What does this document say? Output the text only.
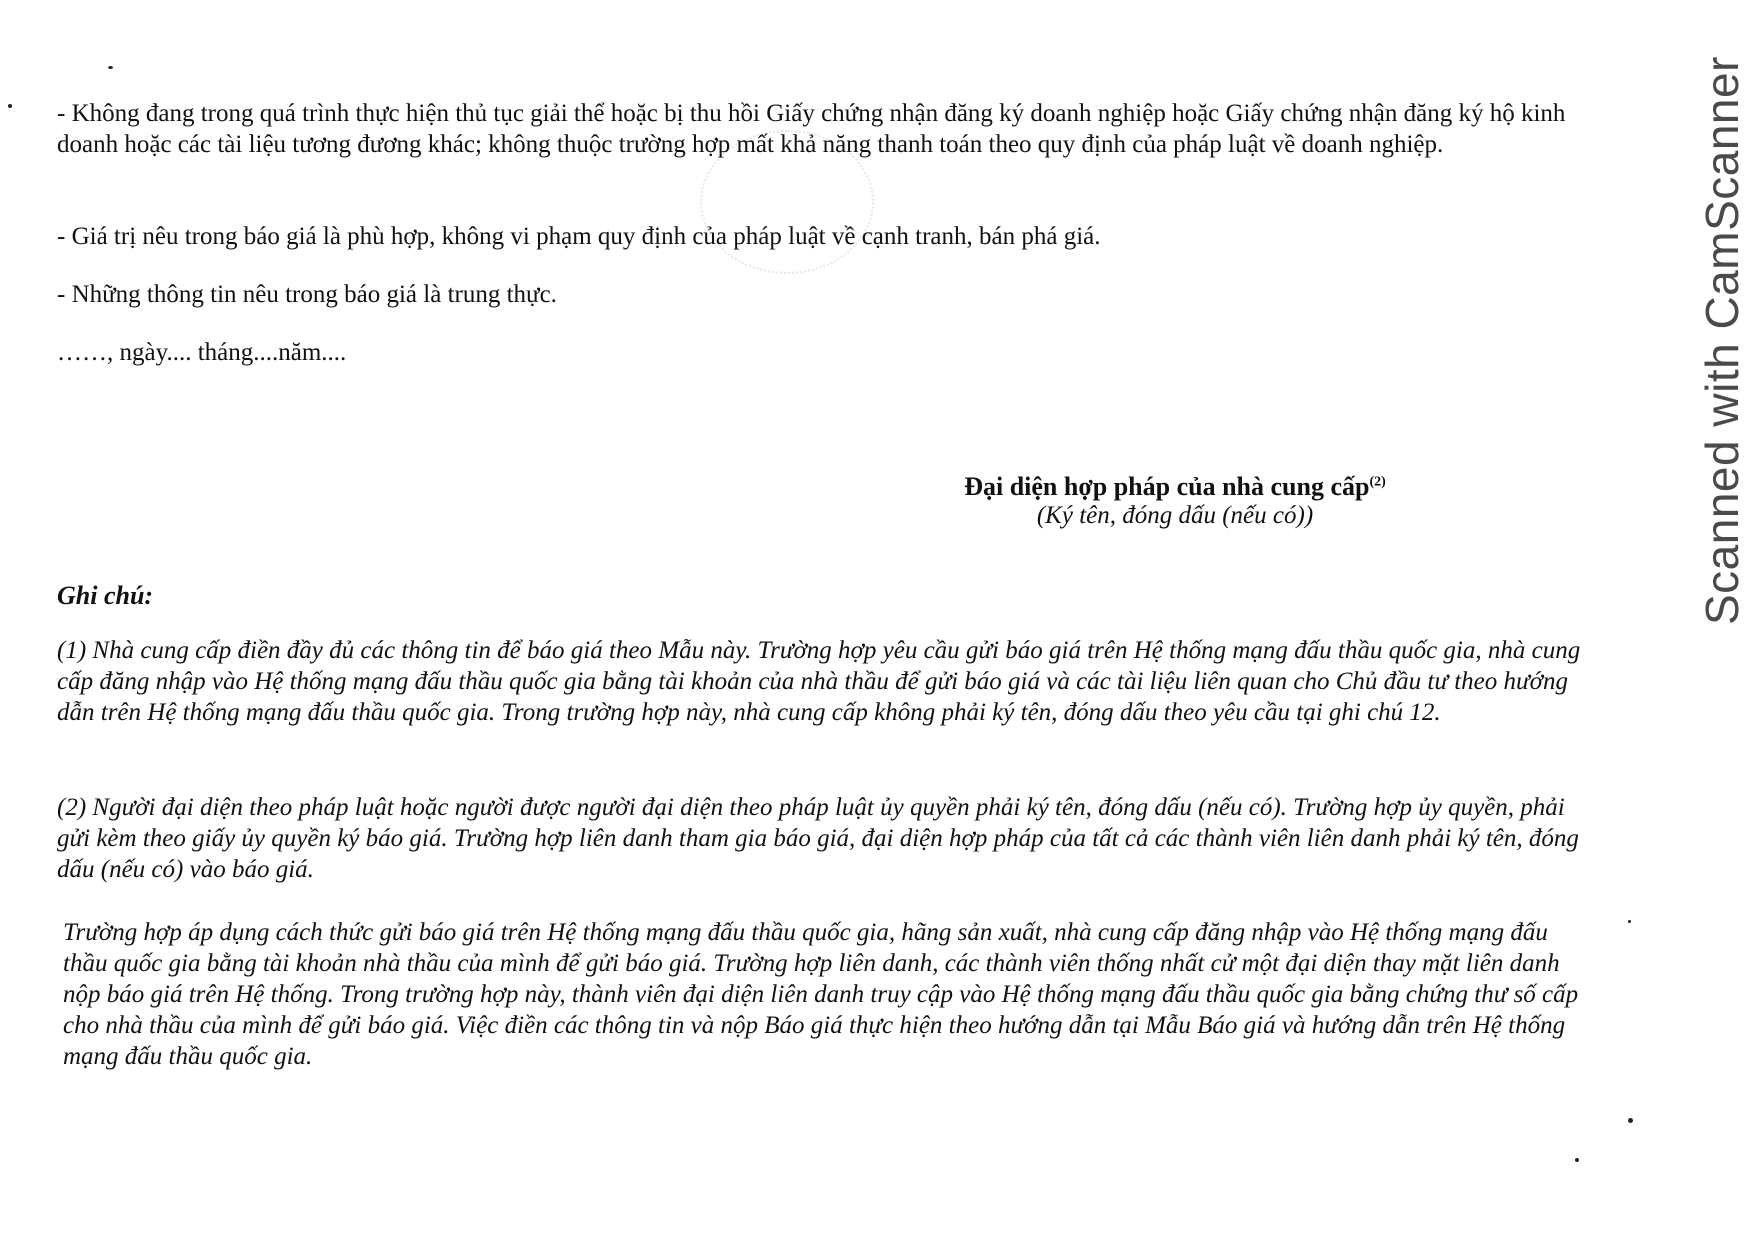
- Không đang trong quá trình thực hiện thủ tục giải thể hoặc bị thu hồi Giấy chứng nhận đăng ký doanh nghiệp hoặc Giấy chứng nhận đăng ký hộ kinh doanh hoặc các tài liệu tương đương khác; không thuộc trường hợp mất khả năng thanh toán theo quy định của pháp luật về doanh nghiệp.

- Giá trị nêu trong báo giá là phù hợp, không vi phạm quy định của pháp luật về cạnh tranh, bán phá giá.

- Những thông tin nêu trong báo giá là trung thực.

……, ngày.... tháng....năm....

Đại diện hợp pháp của nhà cung cấp$^{(2)}$
(Ký tên, đóng dấu (nếu có))

Ghi chú:

(1) Nhà cung cấp điền đầy đủ các thông tin để báo giá theo Mẫu này. Trường hợp yêu cầu gửi báo giá trên Hệ thống mạng đấu thầu quốc gia, nhà cung cấp đăng nhập vào Hệ thống mạng đấu thầu quốc gia bằng tài khoản của nhà thầu để gửi báo giá và các tài liệu liên quan cho Chủ đầu tư theo hướng dẫn trên Hệ thống mạng đấu thầu quốc gia. Trong trường hợp này, nhà cung cấp không phải ký tên, đóng dấu theo yêu cầu tại ghi chú 12.

(2) Người đại diện theo pháp luật hoặc người được người đại diện theo pháp luật ủy quyền phải ký tên, đóng dấu (nếu có). Trường hợp ủy quyền, phải gửi kèm theo giấy ủy quyền ký báo giá. Trường hợp liên danh tham gia báo giá, đại diện hợp pháp của tất cả các thành viên liên danh phải ký tên, đóng dấu (nếu có) vào báo giá.

Trường hợp áp dụng cách thức gửi báo giá trên Hệ thống mạng đấu thầu quốc gia, hãng sản xuất, nhà cung cấp đăng nhập vào Hệ thống mạng đấu thầu quốc gia bằng tài khoản nhà thầu của mình để gửi báo giá. Trường hợp liên danh, các thành viên thống nhất cử một đại diện thay mặt liên danh nộp báo giá trên Hệ thống. Trong trường hợp này, thành viên đại diện liên danh truy cập vào Hệ thống mạng đấu thầu quốc gia bằng chứng thư số cấp cho nhà thầu của mình để gửi báo giá. Việc điền các thông tin và nộp Báo giá thực hiện theo hướng dẫn tại Mẫu Báo giá và hướng dẫn trên Hệ thống mạng đấu thầu quốc gia.

Scanned with CamScanner
